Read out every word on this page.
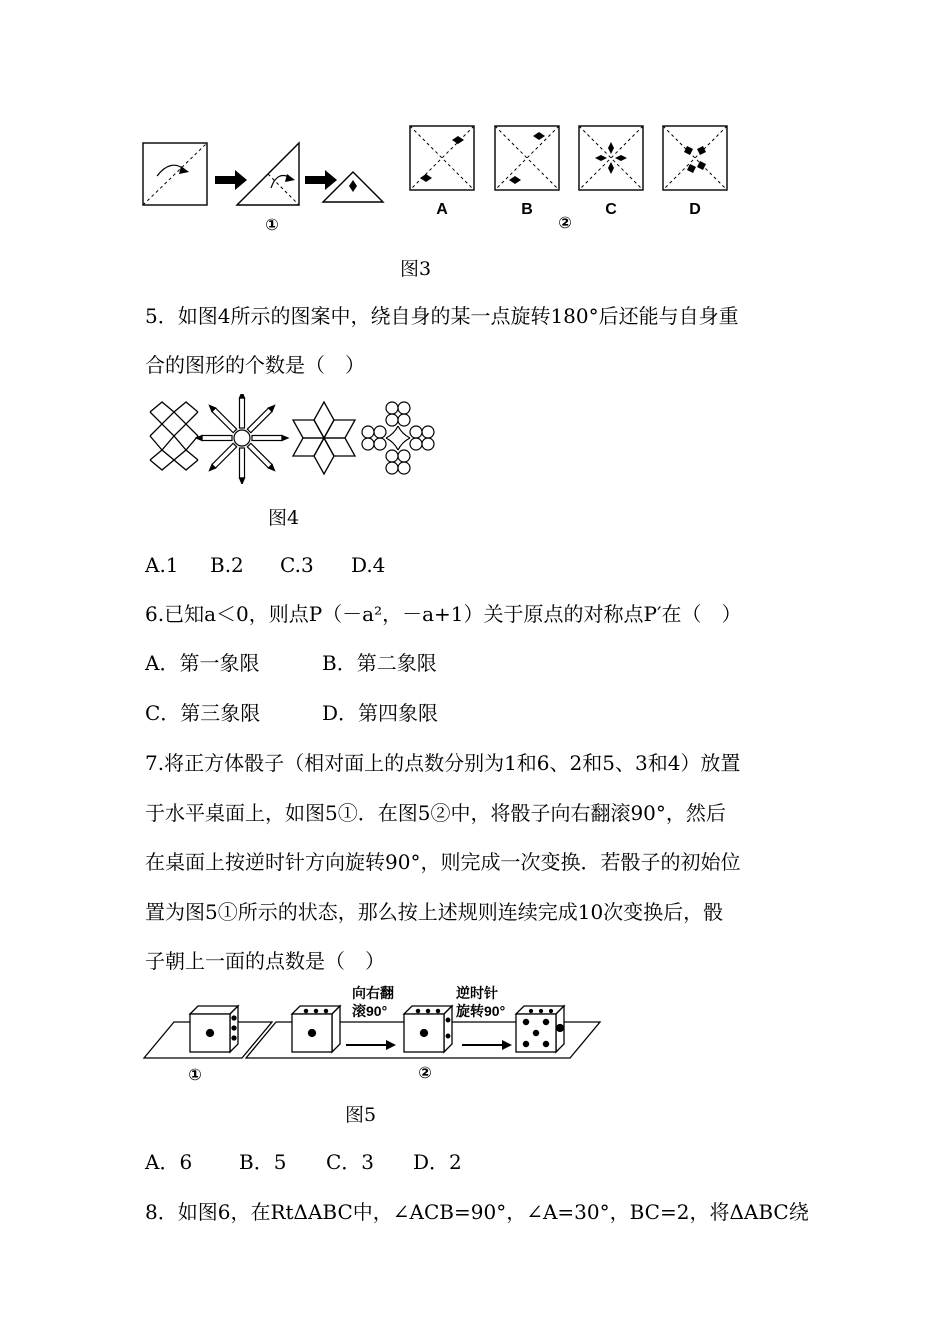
①
A	B
②
C	D
图3
5．如图4所示的图案中，绕自身的某一点旋转180°后还能与自身重
合的图形的个数是（　）
图4
A.1 B.2 C.3 D.4
6.已知a＜0，则点P（－a²，－a+1）关于原点的对称点P′在（　）
A．第一象限	B．第二象限
C．第三象限	D．第四象限
7.将正方体骰子（相对面上的点数分别为1和6、2和5、3和4）放置
于水平桌面上，如图5①．在图5②中，将骰子向右翻滚90°，然后
在桌面上按逆时针方向旋转90°，则完成一次变换．若骰子的初始位
置为图5①所示的状态，那么按上述规则连续完成10次变换后，骰
子朝上一面的点数是（　）
①
向右翻
滚90°
逆时针
旋转90°
②
图5
A．6 B．5 C．3 D．2
8．如图6，在RtΔABC中，∠ACB=90°，∠A=30°，BC=2，将ΔABC绕
